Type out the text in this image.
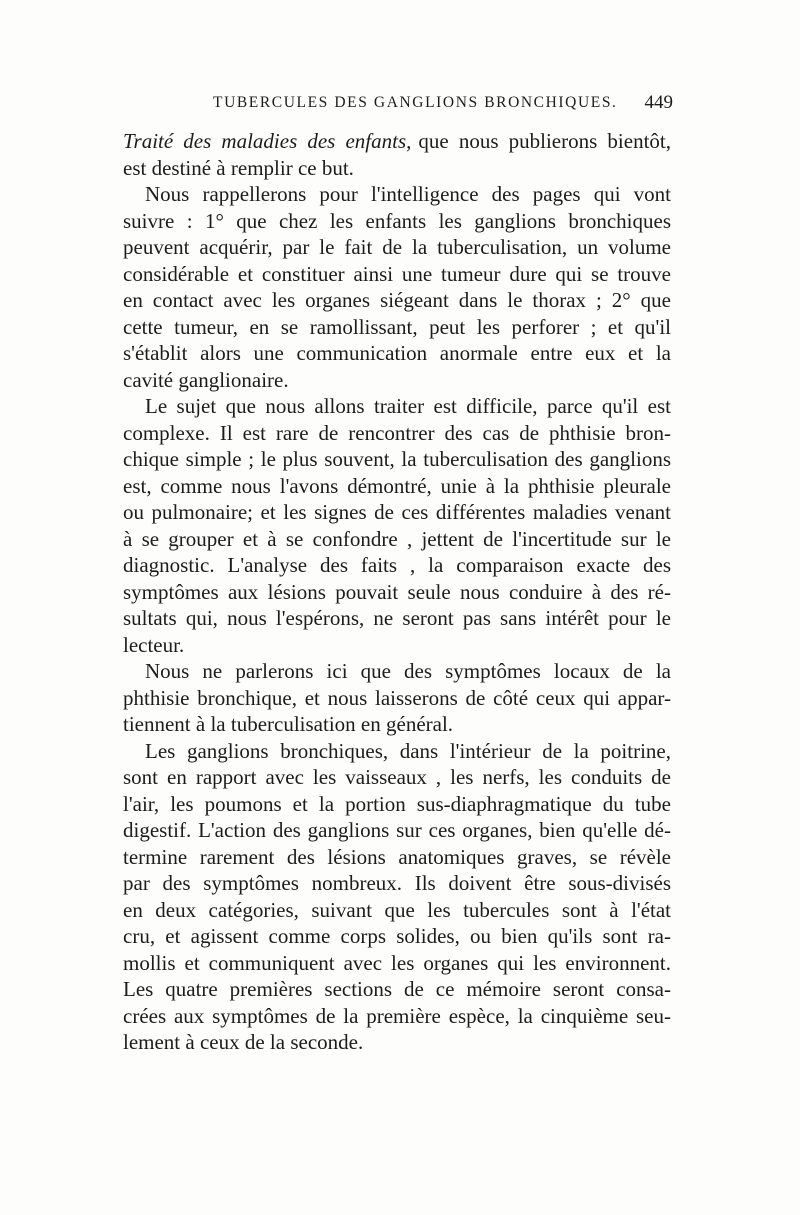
TUBERCULES DES GANGLIONS BRONCHIQUES. 449
Traité des maladies des enfants, que nous publierons bientôt,
est destiné à remplir ce but.
Nous rappellerons pour l'intelligence des pages qui vont
suivre : 1° que chez les enfants les ganglions bronchiques
peuvent acquérir, par le fait de la tuberculisation, un volume
considérable et constituer ainsi une tumeur dure qui se trouve
en contact avec les organes siégeant dans le thorax ; 2° que
cette tumeur, en se ramollissant, peut les perforer ; et qu'il
s'établit alors une communication anormale entre eux et la
cavité ganglionaire.
Le sujet que nous allons traiter est difficile, parce qu'il est
complexe. Il est rare de rencontrer des cas de phthisie bron-
chique simple ; le plus souvent, la tuberculisation des ganglions
est, comme nous l'avons démontré, unie à la phthisie pleurale
ou pulmonaire; et les signes de ces différentes maladies venant
à se grouper et à se confondre , jettent de l'incertitude sur le
diagnostic. L'analyse des faits , la comparaison exacte des
symptômes aux lésions pouvait seule nous conduire à des ré-
sultats qui, nous l'espérons, ne seront pas sans intérêt pour le
lecteur.
Nous ne parlerons ici que des symptômes locaux de la
phthisie bronchique, et nous laisserons de côté ceux qui appar-
tiennent à la tuberculisation en général.
Les ganglions bronchiques, dans l'intérieur de la poitrine,
sont en rapport avec les vaisseaux , les nerfs, les conduits de
l'air, les poumons et la portion sus-diaphragmatique du tube
digestif. L'action des ganglions sur ces organes, bien qu'elle dé-
termine rarement des lésions anatomiques graves, se révèle
par des symptômes nombreux. Ils doivent être sous-divisés
en deux catégories, suivant que les tubercules sont à l'état
cru, et agissent comme corps solides, ou bien qu'ils sont ra-
mollis et communiquent avec les organes qui les environnent.
Les quatre premières sections de ce mémoire seront consa-
crées aux symptômes de la première espèce, la cinquième seu-
lement à ceux de la seconde.
